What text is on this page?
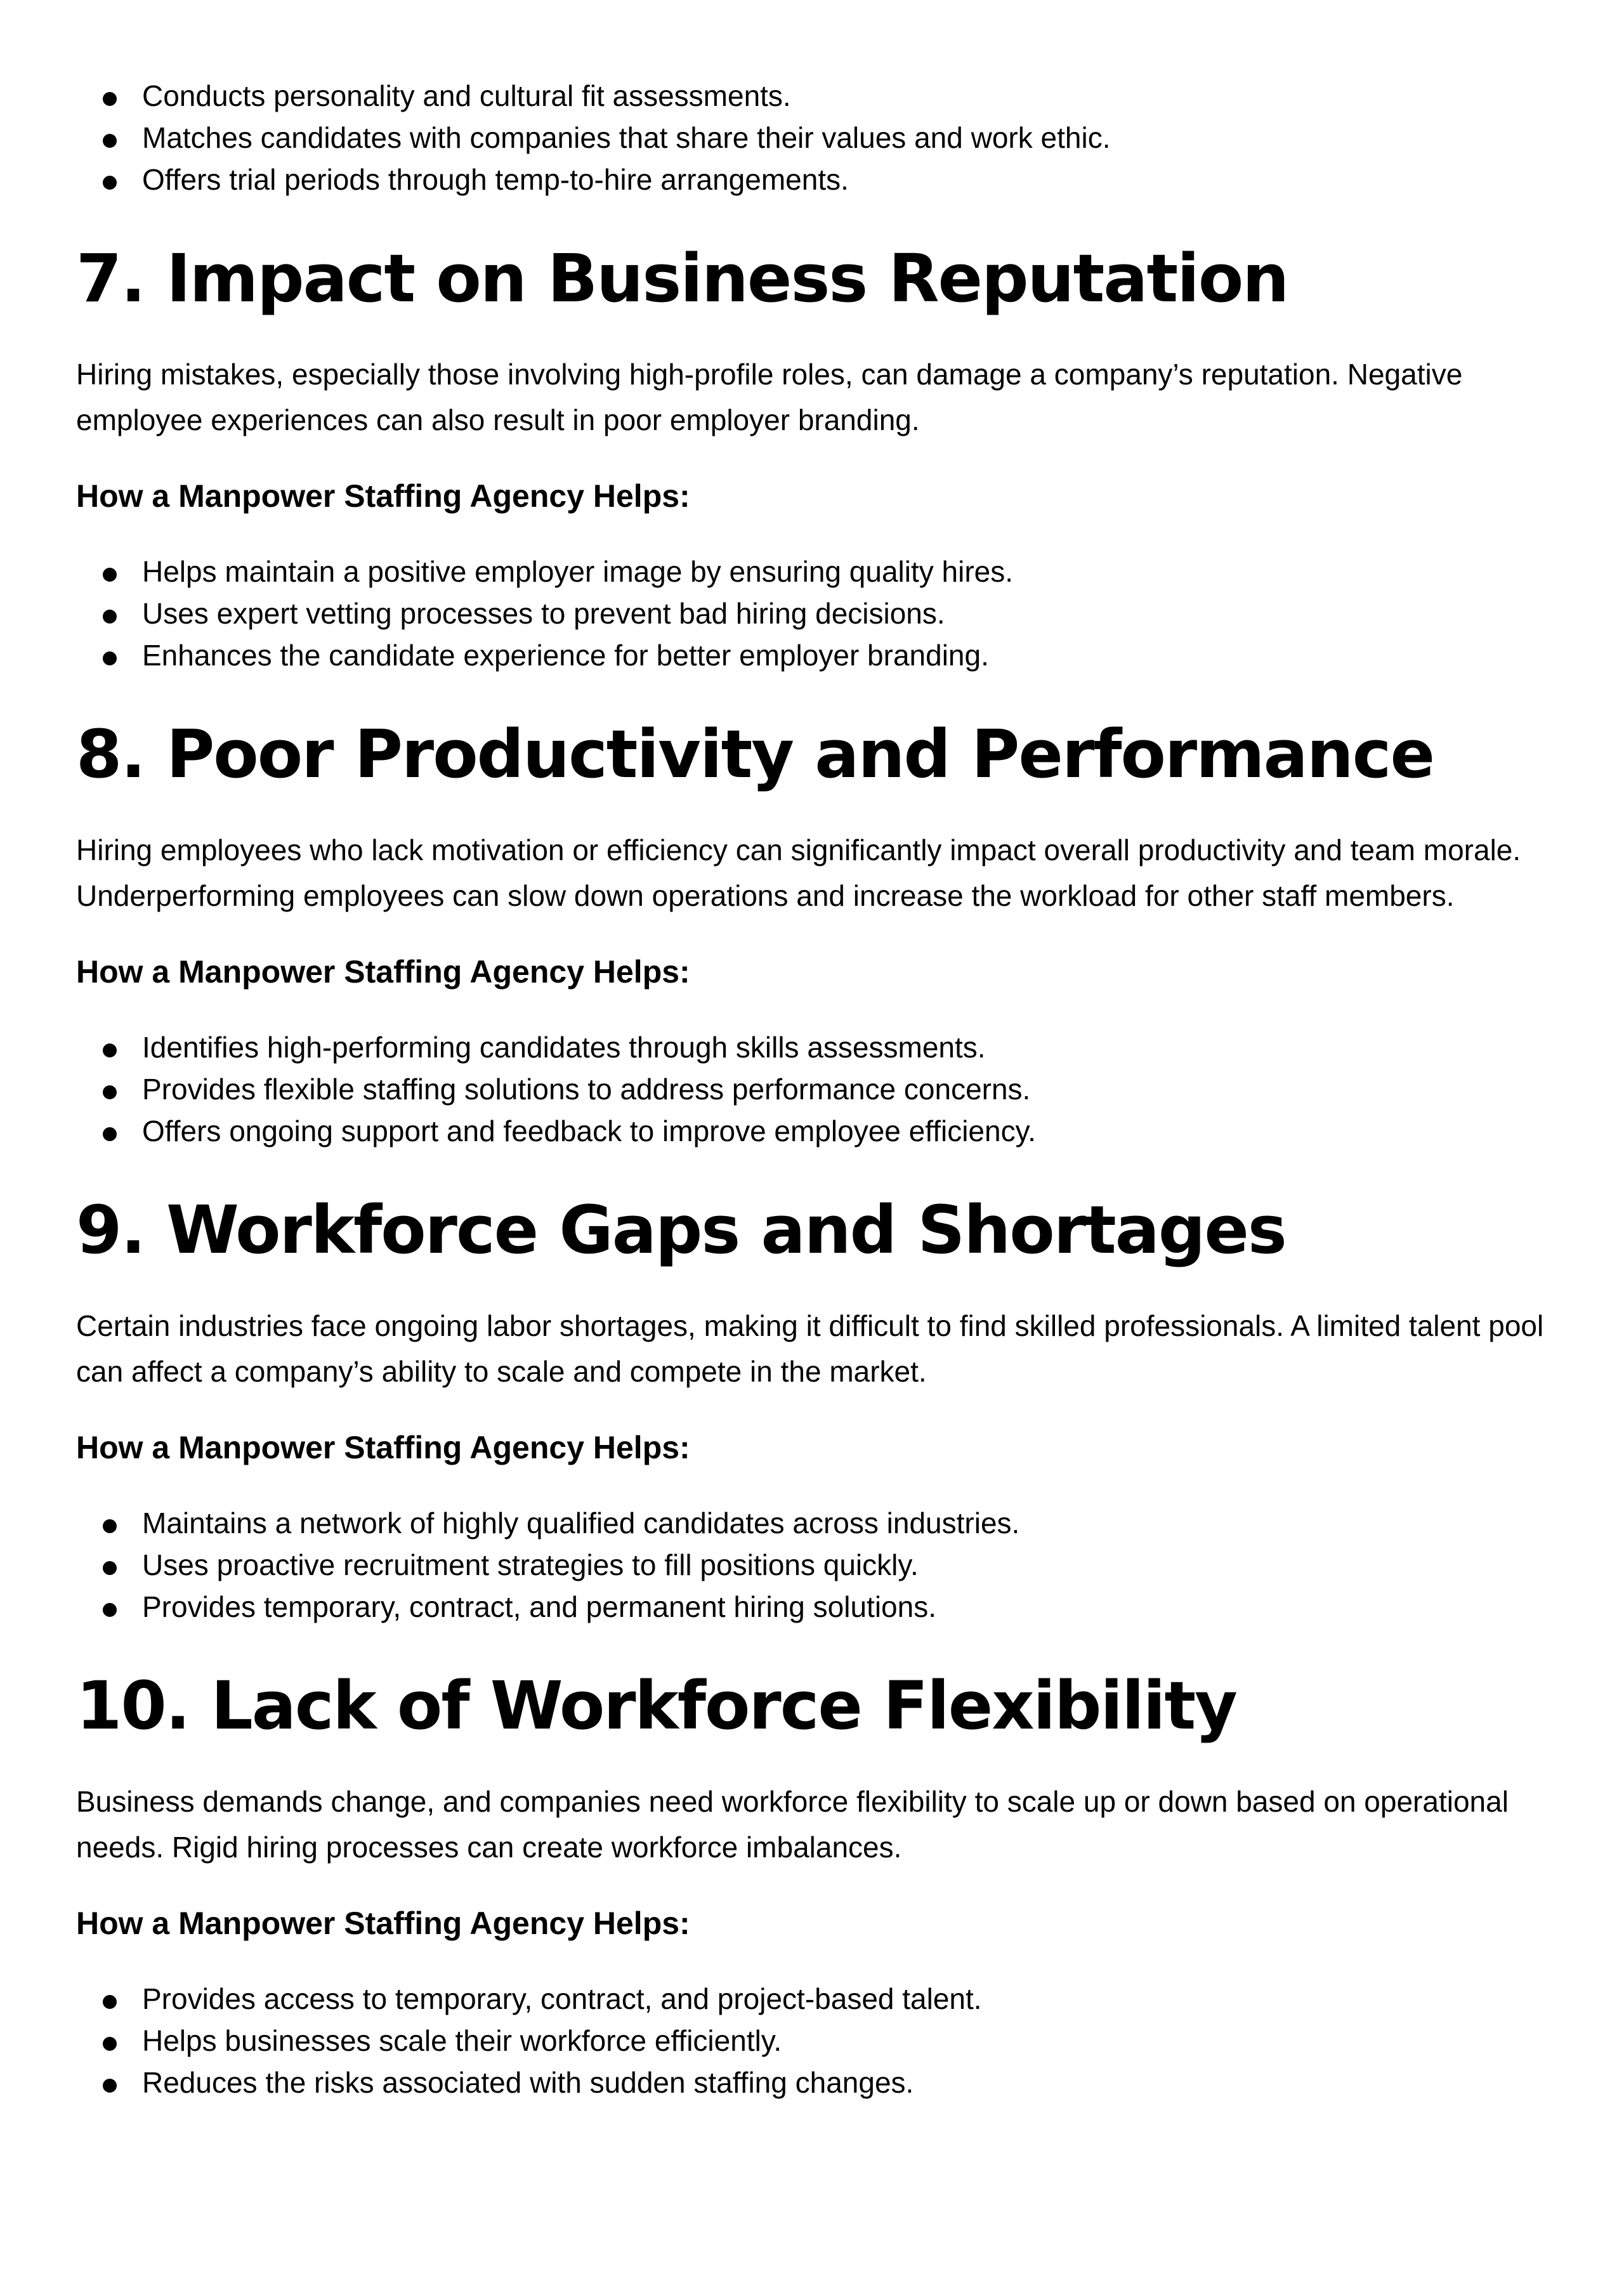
Conducts personality and cultural fit assessments.
Matches candidates with companies that share their values and work ethic.
Offers trial periods through temp-to-hire arrangements.
7. Impact on Business Reputation

Hiring mistakes, especially those involving high-profile roles, can damage a company’s reputation. Negative employee experiences can also result in poor employer branding.

How a Manpower Staffing Agency Helps:

Helps maintain a positive employer image by ensuring quality hires.
Uses expert vetting processes to prevent bad hiring decisions.
Enhances the candidate experience for better employer branding.
8. Poor Productivity and Performance

Hiring employees who lack motivation or efficiency can significantly impact overall productivity and team morale. Underperforming employees can slow down operations and increase the workload for other staff members.

How a Manpower Staffing Agency Helps:

Identifies high-performing candidates through skills assessments.
Provides flexible staffing solutions to address performance concerns.
Offers ongoing support and feedback to improve employee efficiency.
9. Workforce Gaps and Shortages

Certain industries face ongoing labor shortages, making it difficult to find skilled professionals. A limited talent pool can affect a company’s ability to scale and compete in the market.

How a Manpower Staffing Agency Helps:

Maintains a network of highly qualified candidates across industries.
Uses proactive recruitment strategies to fill positions quickly.
Provides temporary, contract, and permanent hiring solutions.
10. Lack of Workforce Flexibility

Business demands change, and companies need workforce flexibility to scale up or down based on operational needs. Rigid hiring processes can create workforce imbalances.

How a Manpower Staffing Agency Helps:

Provides access to temporary, contract, and project-based talent.
Helps businesses scale their workforce efficiently.
Reduces the risks associated with sudden staffing changes.
